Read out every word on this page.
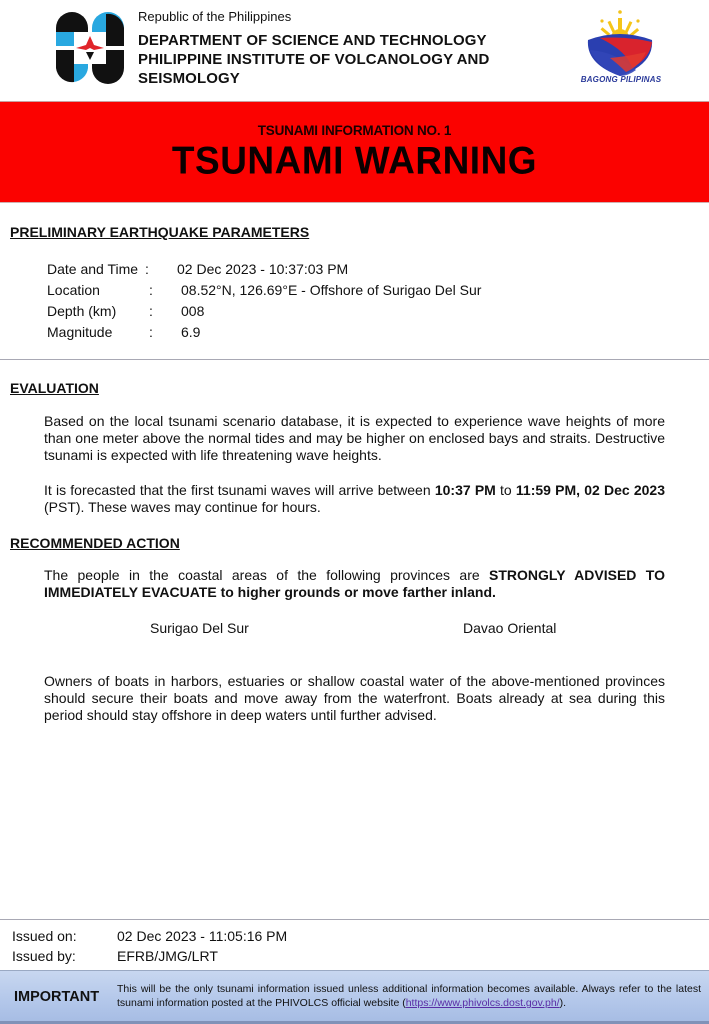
Republic of the Philippines
DEPARTMENT OF SCIENCE AND TECHNOLOGY
PHILIPPINE INSTITUTE OF VOLCANOLOGY AND
SEISMOLOGY	BAGONG PILIPINAS
TSUNAMI INFORMATION NO. 1
TSUNAMI WARNING
PRELIMINARY EARTHQUAKE PARAMETERS
Date and Time :	02 Dec 2023 - 10:37:03 PM
Location	:	08.52°N, 126.69°E - Offshore of Surigao Del Sur
Depth (km)	:	008
Magnitude	:	6.9
EVALUATION
Based on the local tsunami scenario database, it is expected to experience wave heights of more than one meter above the normal tides and may be higher on enclosed bays and straits. Destructive tsunami is expected with life threatening wave heights.
It is forecasted that the first tsunami waves will arrive between 10:37 PM to 11:59 PM, 02 Dec 2023 (PST). These waves may continue for hours.
RECOMMENDED ACTION
The people in the coastal areas of the following provinces are STRONGLY ADVISED TO IMMEDIATELY EVACUATE to higher grounds or move farther inland.
Surigao Del Sur	Davao Oriental
Owners of boats in harbors, estuaries or shallow coastal water of the above-mentioned provinces should secure their boats and move away from the waterfront. Boats already at sea during this period should stay offshore in deep waters until further advised.
Issued on:	02 Dec 2023 - 11:05:16 PM
Issued by:	EFRB/JMG/LRT
IMPORTANT This will be the only tsunami information issued unless additional information becomes available. Always refer to the latest tsunami information posted at the PHIVOLCS official website (https://www.phivolcs.dost.gov.ph/).
